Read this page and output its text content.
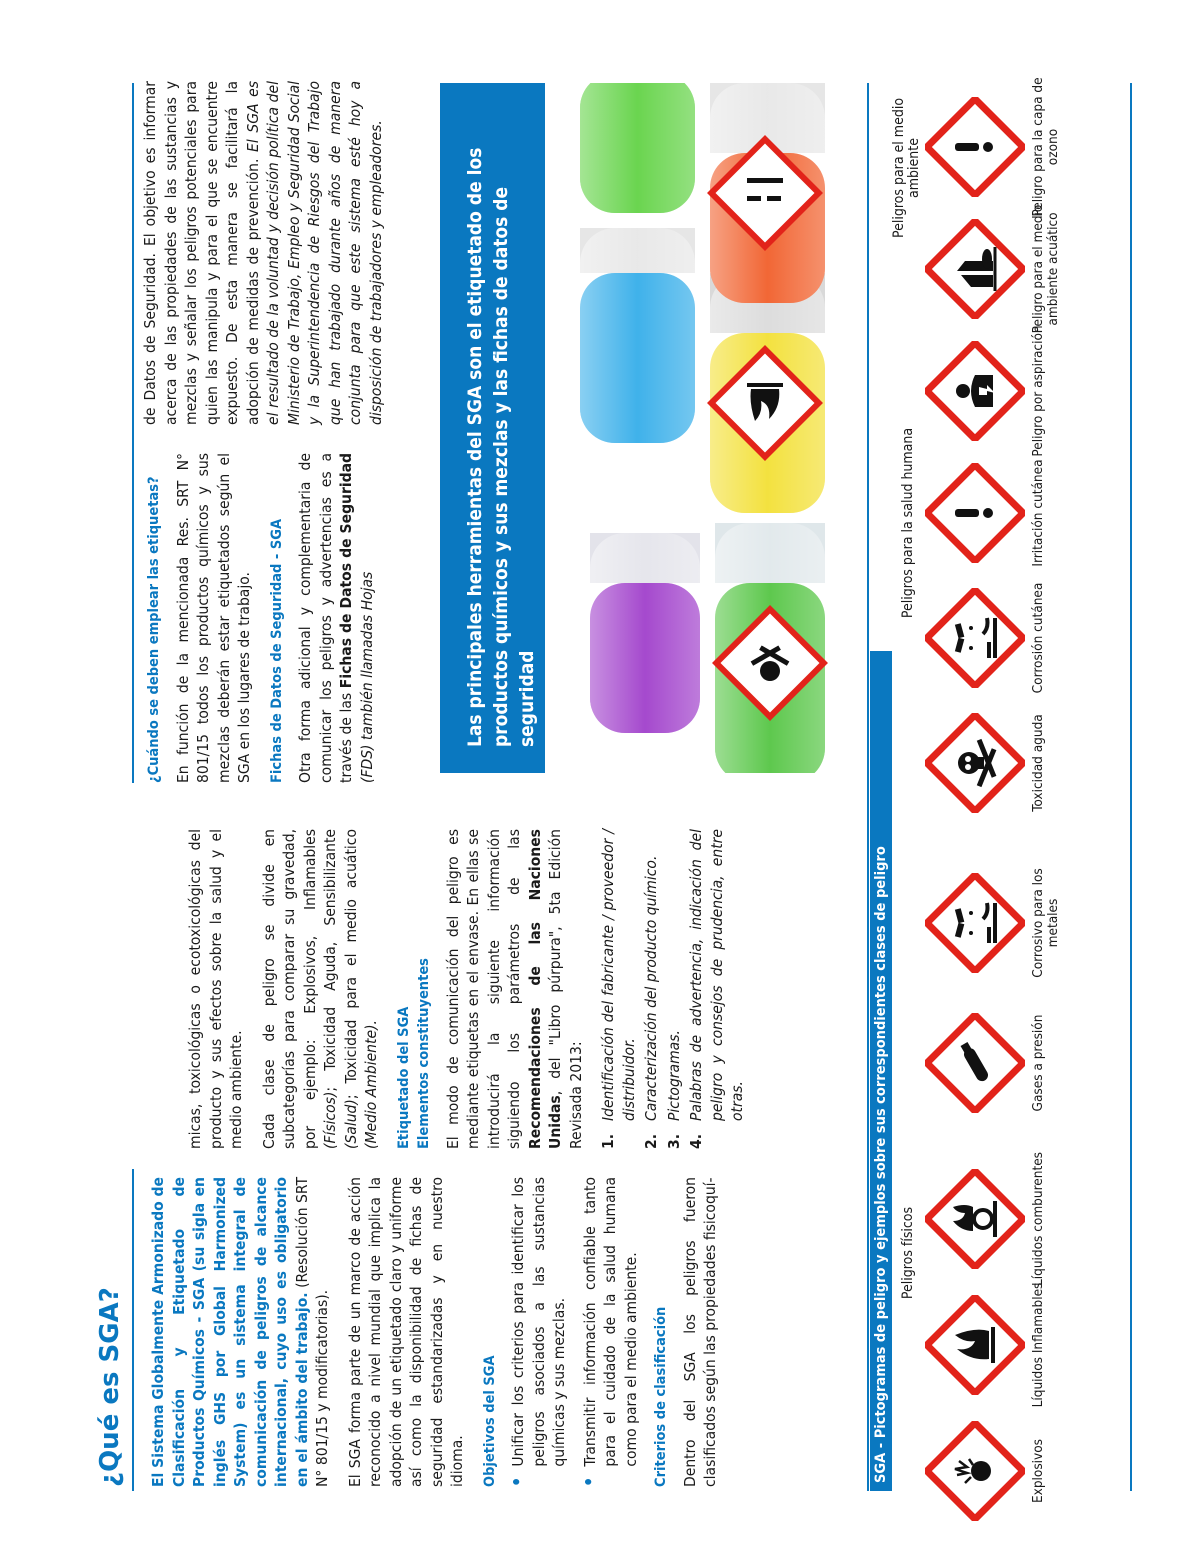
¿Qué es SGA? El Sistema Globalmente Armonizado de Clasificación y Etiquetado de Productos Químicos - SGA (su sigla en inglés GHS por Global Harmonized System) es un sistema integral de comunicación de peligros de alcance internacional, cuyo uso es obligatorio en el ámbito del trabajo. (Resolución SRT N° 801/15 y modificatorias). El SGA forma parte de un marco de acción reconocido a nivel mundial que implica la adopción de un etiquetado claro y uniforme así como la disponibilidad de fichas de seguridad estandarizadas y en nuestro idioma. Objetivos del SGA •
Unificar los criterios para identificar los peligros asociados a las sustancias químicas y sus mezclas.
•
Transmitir información confiable tanto para el cuidado de la salud humana como para el medio ambiente. Criterios de clasificación Dentro del SGA los peligros fueron clasificados según las propiedades fisicoquí-

micas, toxicológicas o ecotoxicológicas del producto y sus efectos sobre la salud y el medio ambiente. Cada clase de peligro se divide en subcategorías para comparar su gravedad, por ejemplo: Explosivos, Inflamables (Físicos); Toxicidad Aguda, Sensibilizante (Salud); Toxicidad para el medio acuático (Medio Ambiente). Etiquetado del SGA Elementos constituyentes El modo de comunicación del peligro es mediante etiquetas en el envase. En ellas se introducirá la siguiente información siguiendo los parámetros de las Recomendaciones de las Naciones Unidas, del "Libro púrpura", 5ta Edición Revisada 2013: 1.
Identificación del fabricante / proveedor / distribuidor.
2.
Caracterización del producto químico.
3.
Pictogramas.
4.
Palabras de advertencia, indicación del peligro y consejos de prudencia, entre otras.
¿Cuándo se deben emplear las etiquetas? En función de la mencionada Res. SRT N° 801/15 todos los productos químicos y sus mezclas deberán estar etiquetados según el SGA en los lugares de trabajo. Fichas de Datos de Seguridad - SGA Otra forma adicional y complementaria de comunicar los peligros y advertencias es a través de las Fichas de Datos de Seguridad (FDS) también llamadas Hojas

de Datos de Seguridad. El objetivo es informar acerca de las propiedades de las sustancias y mezclas y señalar los peligros potenciales para quien las manipula y para el que se encuentre expuesto. De esta manera se facilitará la adopción de medidas de prevención. El SGA es el resultado de la voluntad y decisión política del Ministerio de Trabajo, Empleo y Seguridad Social y la Superintendencia de Riesgos del Trabajo que han trabajado durante años de manera conjunta para que este sistema esté hoy a disposición de trabajadores y empleadores.	Las principales herramientas del SGA son el etiquetado de los productos químicos y sus mezclas y las fichas de datos de seguridad
SGA - Pictogramas de peligro y ejemplos sobre sus correspondientes clases de peligro Peligros físicos
Peligros para la salud humana
Peligros para el medio ambiente
Explosivos
Líquidos Inflamables
Líquidos comburentes
Gases a presión
Corrosivo para los metales
Toxicidad aguda
Corrosión cutánea
Irritación cutánea
Peligro por aspiración
Peligro para el medio ambiente acuático
Peligro para la capa de ozono
